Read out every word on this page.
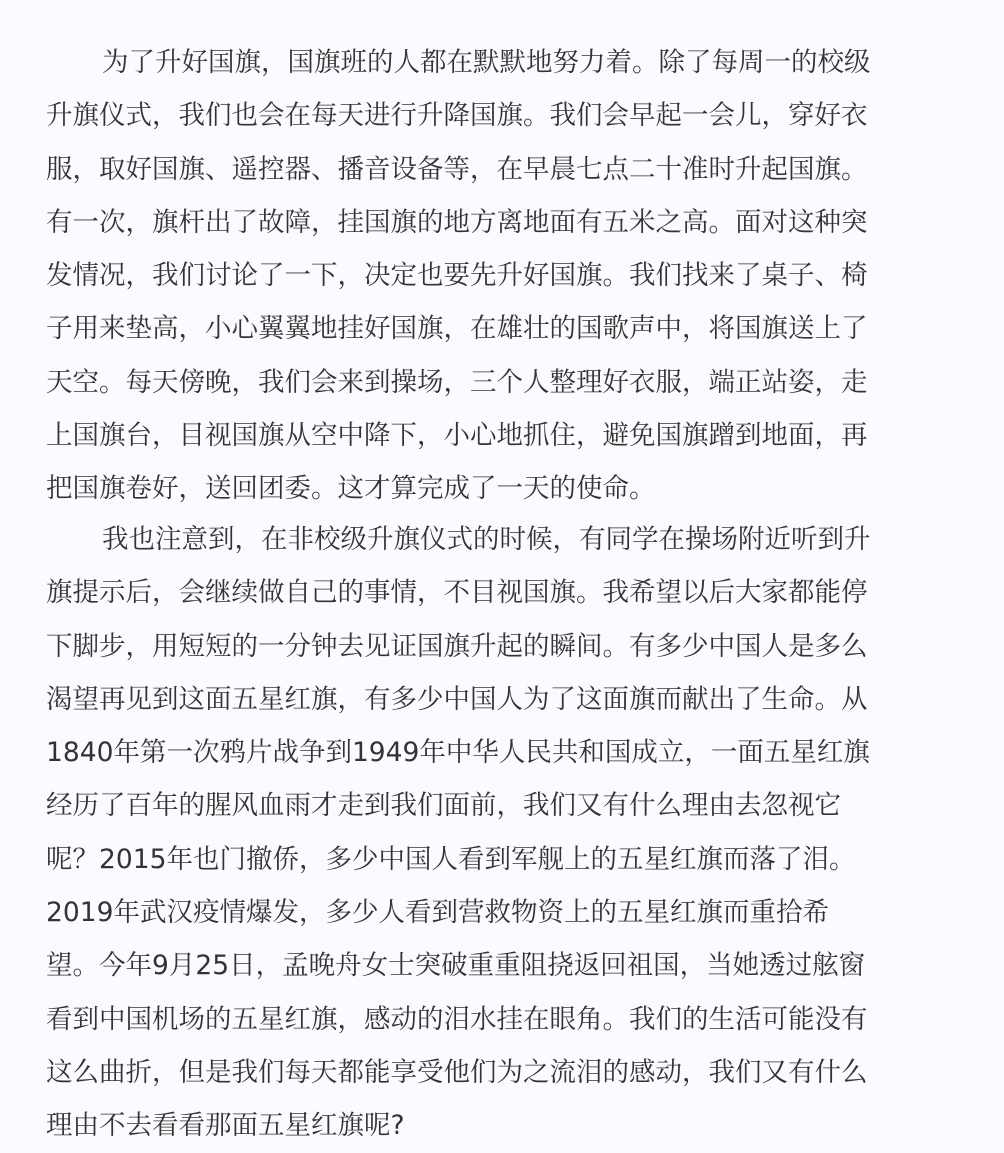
为了升好国旗，国旗班的人都在默默地努力着。除了每周一的校级
升旗仪式，我们也会在每天进行升降国旗。我们会早起一会儿，穿好衣
服，取好国旗、遥控器、播音设备等，在早晨七点二十准时升起国旗。
有一次，旗杆出了故障，挂国旗的地方离地面有五米之高。面对这种突
发情况，我们讨论了一下，决定也要先升好国旗。我们找来了桌子、椅
子用来垫高，小心翼翼地挂好国旗，在雄壮的国歌声中，将国旗送上了
天空。每天傍晚，我们会来到操场，三个人整理好衣服，端正站姿，走
上国旗台，目视国旗从空中降下，小心地抓住，避免国旗蹭到地面，再
把国旗卷好，送回团委。这才算完成了一天的使命。
我也注意到，在非校级升旗仪式的时候，有同学在操场附近听到升
旗提示后，会继续做自己的事情，不目视国旗。我希望以后大家都能停
下脚步，用短短的一分钟去见证国旗升起的瞬间。有多少中国人是多么
渴望再见到这面五星红旗，有多少中国人为了这面旗而献出了生命。从
1840年第一次鸦片战争到1949年中华人民共和国成立，一面五星红旗
经历了百年的腥风血雨才走到我们面前，我们又有什么理由去忽视它
呢？2015年也门撤侨，多少中国人看到军舰上的五星红旗而落了泪。
2019年武汉疫情爆发，多少人看到营救物资上的五星红旗而重拾希
望。今年9月25日，孟晚舟女士突破重重阻挠返回祖国，当她透过舷窗
看到中国机场的五星红旗，感动的泪水挂在眼角。我们的生活可能没有
这么曲折，但是我们每天都能享受他们为之流泪的感动，我们又有什么
理由不去看看那面五星红旗呢?
